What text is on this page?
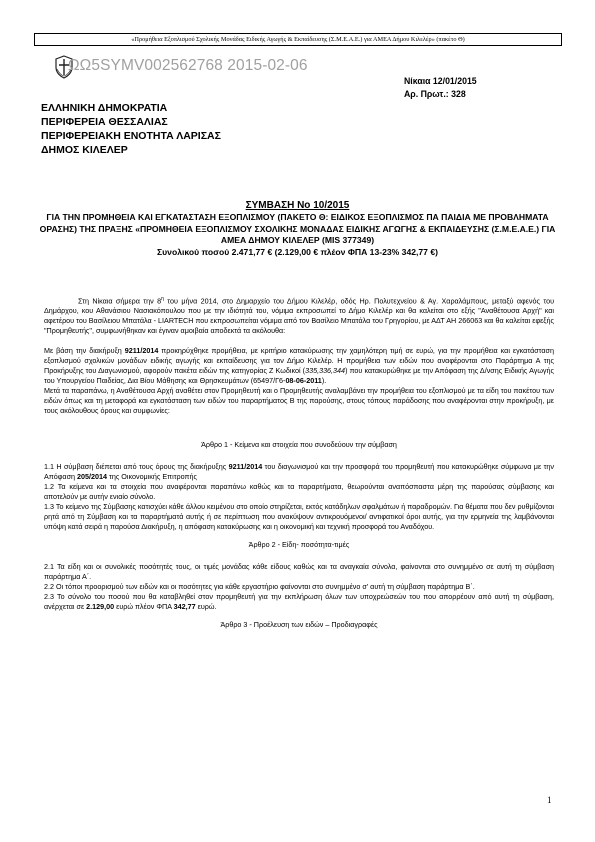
«Προμήθεια Εξοπλισμού Σχολικής Μονάδας Ειδικής Αγωγής & Εκπαίδευσης (Σ.Μ.Ε.Α.Ε.) για ΑΜΕΑ Δήμου Κιλελέρ» (πακέτο Θ)
ΩΩ5SYMV002562768 2015-02-06
Νίκαια 12/01/2015
Αρ. Πρωτ.: 328
ΕΛΛΗΝΙΚΗ ΔΗΜΟΚΡΑΤΙΑ
ΠΕΡΙΦΕΡΕΙΑ ΘΕΣΣΑΛΙΑΣ
ΠΕΡΙΦΕΡΕΙΑΚΗ ΕΝΟΤΗΤΑ ΛΑΡΙΣΑΣ
ΔΗΜΟΣ ΚΙΛΕΛΕΡ
ΣΥΜΒΑΣΗ Νο 10/2015
ΓΙΑ ΤΗΝ ΠΡΟΜΗΘΕΙΑ ΚΑΙ ΕΓΚΑΤΑΣΤΑΣΗ ΕΞΟΠΛΙΣΜΟΥ (ΠΑΚΕΤΟ Θ: ΕΙΔΙΚΟΣ ΕΞΟΠΛΙΣΜΟΣ ΠΑ ΠΑΙΔΙΑ ΜΕ ΠΡΟΒΛΗΜΑΤΑ ΟΡΑΣΗΣ) ΤΗΣ ΠΡΑΞΗΣ «ΠΡΟΜΗΘΕΙΑ ΕΞΟΠΛΙΣΜΟΥ ΣΧΟΛΙΚΗΣ ΜΟΝΑΔΑΣ ΕΙΔΙΚΗΣ ΑΓΩΓΗΣ & ΕΚΠΑΙΔΕΥΣΗΣ (Σ.Μ.Ε.Α.Ε.) ΓΙΑ ΑΜΕΑ ΔΗΜΟΥ ΚΙΛΕΛΕΡ (MIS 377349)
Συνολικού ποσού 2.471,77 € (2.129,00 € πλέον ΦΠΑ 13-23% 342,77 €)

Στη Νίκαια σήμερα την $8^\eta$ του μήνα 2014, στο Δημαρχείο του Δήμου Κιλελέρ, οδός Ηρ. Πολυτεχνείου & Αγ. Χαραλάμπους, μεταξύ αφενός του Δημάρχου, κου Αθανάσιου Νασιακόπουλου που με την ιδιότητά του, νόμιμα εκπροσωπεί το Δήμο Κιλελέρ και θα καλείται στο εξής "Αναθέτουσα Αρχή" και αφετέρου του Βασίλειου Μπατάλα - LIARTECH που εκπροσωπείται νόμιμα από τον Βασίλειο Μπατάλα του Γρηγορίου, με ΑΔΤ ΑΗ 266063 και θα καλείται εφεξής "Προμηθευτής", συμφωνήθηκαν και έγιναν αμοιβαία αποδεκτά τα ακόλουθα:

Με βάση την διακήρυξη 9211/2014 προκηρύχθηκε προμήθεια, με κριτήριο κατακύρωσης την χαμηλότερη τιμή σε ευρώ, για την προμήθεια και εγκατάσταση εξοπλισμού σχολικών μονάδων ειδικής αγωγής και εκπαίδευσης για τον Δήμο Κιλελέρ. Η προμήθεια των ειδών που αναφέρονται στο Παράρτημα Α της Προκήρυξης του Διαγωνισμού, αφορούν πακέτα ειδών της κατηγορίας Ζ Κωδικοί (335,336,344) που κατακυρώθηκε με την Απόφαση της Δ/νσης Ειδικής Αγωγής του Υπουργείου Παιδείας, Δια Βίου Μάθησης και Θρησκευμάτων (65497/Γ6-08-06-2011).

Μετά τα παραπάνω, η Αναθέτουσα Αρχή αναθέτει στον Προμηθευτή και ο Προμηθευτής αναλαμβάνει την προμήθεια του εξοπλισμού με τα είδη του πακέτου των ειδών όπως και τη μεταφορά και εγκατάσταση των ειδών του παραρτήματος Β της παρούσης, στους τόπους παράδοσης που αναφέρονται στην προκήρυξη, με τους ακόλουθους όρους και συμφωνίες:

Άρθρο 1 - Κείμενα και στοιχεία που συνοδεύουν την σύμβαση

1.1 Η σύμβαση διέπεται από τους όρους της διακήρυξης 9211/2014 του διαγωνισμού και την προσφορά του προμηθευτή που κατακυρώθηκε σύμφωνα με την Απόφαση 205/2014 της Οικονομικής Επιτροπής

1.2 Τα κείμενα και τα στοιχεία που αναφέρονται παραπάνω καθώς και τα παραρτήματα, θεωρούνται αναπόσπαστα μέρη της παρούσας σύμβασης και αποτελούν με αυτήν ενιαίο σύνολο.

1.3 Το κείμενο της Σύμβασης κατισχύει κάθε άλλου κειμένου στο οποίο στηρίζεται, εκτός κατάδηλων σφαλμάτων ή παραδρομών. Για θέματα που δεν ρυθμίζονται ρητά από τη Σύμβαση και τα παραρτήματά αυτής ή σε περίπτωση που ανακύψουν αντικρουόμενοι/ αντιφατικοί όροι αυτής, για την ερμηνεία της λαμβάνονται υπόψη κατά σειρά η παρούσα Διακήρυξη, η απόφαση κατακύρωσης και η οικονομική και τεχνική προσφορά του Αναδόχου.

Άρθρο 2 - Είδη- ποσότητα-τιμές

2.1 Τα είδη και οι συνολικές ποσότητές τους, οι τιμές μονάδας κάθε είδους καθώς και τα αναγκαία σύνολα, φαίνονται στο συνημμένο σε αυτή τη σύμβαση παράρτημα Α΄.

2.2 Οι τόποι προορισμού των ειδών και οι ποσότητες για κάθε εργαστήριο φαίνονται στο συνημμένο σ' αυτή τη σύμβαση παράρτημα Β΄.

2.3 Το σύνολο του ποσού που θα καταβληθεί στον προμηθευτή για την εκπλήρωση όλων των υποχρεώσεών του που απορρέουν από αυτή τη σύμβαση, ανέρχεται σε 2.129,00 ευρώ πλέον ΦΠΑ 342,77 ευρώ.

Άρθρο 3 - Προέλευση των ειδών – Προδιαγραφές

1
